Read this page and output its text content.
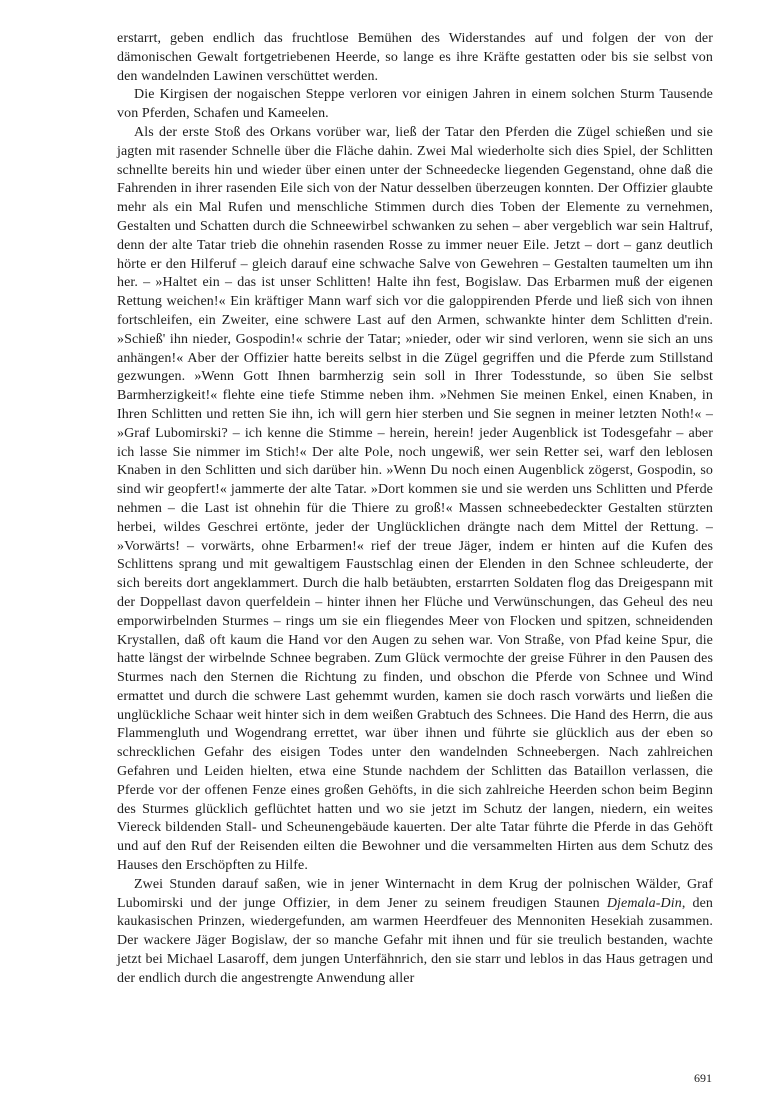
erstarrt, geben endlich das fruchtlose Bemühen des Widerstandes auf und folgen der von der dämonischen Gewalt fortgetriebenen Heerde, so lange es ihre Kräfte gestatten oder bis sie selbst von den wandelnden Lawinen verschüttet werden.

Die Kirgisen der nogaischen Steppe verloren vor einigen Jahren in einem solchen Sturm Tausende von Pferden, Schafen und Kameelen.

Als der erste Stoß des Orkans vorüber war, ließ der Tatar den Pferden die Zügel schießen und sie jagten mit rasender Schnelle über die Fläche dahin. Zwei Mal wiederholte sich dies Spiel, der Schlitten schnellte bereits hin und wieder über einen unter der Schneedecke liegenden Gegenstand, ohne daß die Fahrenden in ihrer rasenden Eile sich von der Natur desselben überzeugen konnten. Der Offizier glaubte mehr als ein Mal Rufen und menschliche Stimmen durch dies Toben der Elemente zu vernehmen, Gestalten und Schatten durch die Schneewirbel schwanken zu sehen – aber vergeblich war sein Haltruf, denn der alte Tatar trieb die ohnehin rasenden Rosse zu immer neuer Eile. Jetzt – dort – ganz deutlich hörte er den Hilferuf – gleich darauf eine schwache Salve von Gewehren – Gestalten taumelten um ihn her. – »Haltet ein – das ist unser Schlitten! Halte ihn fest, Bogislaw. Das Erbarmen muß der eigenen Rettung weichen!« Ein kräftiger Mann warf sich vor die galoppirenden Pferde und ließ sich von ihnen fortschleifen, ein Zweiter, eine schwere Last auf den Armen, schwankte hinter dem Schlitten d'rein. »Schieß' ihn nieder, Gospodin!« schrie der Tatar; »nieder, oder wir sind verloren, wenn sie sich an uns anhängen!« Aber der Offizier hatte bereits selbst in die Zügel gegriffen und die Pferde zum Stillstand gezwungen. »Wenn Gott Ihnen barmherzig sein soll in Ihrer Todesstunde, so üben Sie selbst Barmherzigkeit!« flehte eine tiefe Stimme neben ihm. »Nehmen Sie meinen Enkel, einen Knaben, in Ihren Schlitten und retten Sie ihn, ich will gern hier sterben und Sie segnen in meiner letzten Noth!« – »Graf Lubomirski? – ich kenne die Stimme – herein, herein! jeder Augenblick ist Todesgefahr – aber ich lasse Sie nimmer im Stich!« Der alte Pole, noch ungewiß, wer sein Retter sei, warf den leblosen Knaben in den Schlitten und sich darüber hin. »Wenn Du noch einen Augenblick zögerst, Gospodin, so sind wir geopfert!« jammerte der alte Tatar. »Dort kommen sie und sie werden uns Schlitten und Pferde nehmen – die Last ist ohnehin für die Thiere zu groß!« Massen schneebedeckter Gestalten stürzten herbei, wildes Geschrei ertönte, jeder der Unglücklichen drängte nach dem Mittel der Rettung. – »Vorwärts! – vorwärts, ohne Erbarmen!« rief der treue Jäger, indem er hinten auf die Kufen des Schlittens sprang und mit gewaltigem Faustschlag einen der Elenden in den Schnee schleuderte, der sich bereits dort angeklammert. Durch die halb betäubten, erstarrten Soldaten flog das Dreigespann mit der Doppellast davon querfeldein – hinter ihnen her Flüche und Verwünschungen, das Geheul des neu emporwirbelnden Sturmes – rings um sie ein fliegendes Meer von Flocken und spitzen, schneidenden Krystallen, daß oft kaum die Hand vor den Augen zu sehen war. Von Straße, von Pfad keine Spur, die hatte längst der wirbelnde Schnee begraben. Zum Glück vermochte der greise Führer in den Pausen des Sturmes nach den Sternen die Richtung zu finden, und obschon die Pferde von Schnee und Wind ermattet und durch die schwere Last gehemmt wurden, kamen sie doch rasch vorwärts und ließen die unglückliche Schaar weit hinter sich in dem weißen Grabtuch des Schnees. Die Hand des Herrn, die aus Flammengluth und Wogendrang errettet, war über ihnen und führte sie glücklich aus der eben so schrecklichen Gefahr des eisigen Todes unter den wandelnden Schneebergen. Nach zahlreichen Gefahren und Leiden hielten, etwa eine Stunde nachdem der Schlitten das Bataillon verlassen, die Pferde vor der offenen Fenze eines großen Gehöfts, in die sich zahlreiche Heerden schon beim Beginn des Sturmes glücklich geflüchtet hatten und wo sie jetzt im Schutz der langen, niedern, ein weites Viereck bildenden Stall- und Scheunengebäude kauerten. Der alte Tatar führte die Pferde in das Gehöft und auf den Ruf der Reisenden eilten die Bewohner und die versammelten Hirten aus dem Schutz des Hauses den Erschöpften zu Hilfe.

Zwei Stunden darauf saßen, wie in jener Winternacht in dem Krug der polnischen Wälder, Graf Lubomirski und der junge Offizier, in dem Jener zu seinem freudigen Staunen Djemala-Din, den kaukasischen Prinzen, wiedergefunden, am warmen Heerdfeuer des Mennoniten Hesekiah zusammen. Der wackere Jäger Bogislaw, der so manche Gefahr mit ihnen und für sie treulich bestanden, wachte jetzt bei Michael Lasaroff, dem jungen Unterfähnrich, den sie starr und leblos in das Haus getragen und der endlich durch die angestrengte Anwendung aller

691
